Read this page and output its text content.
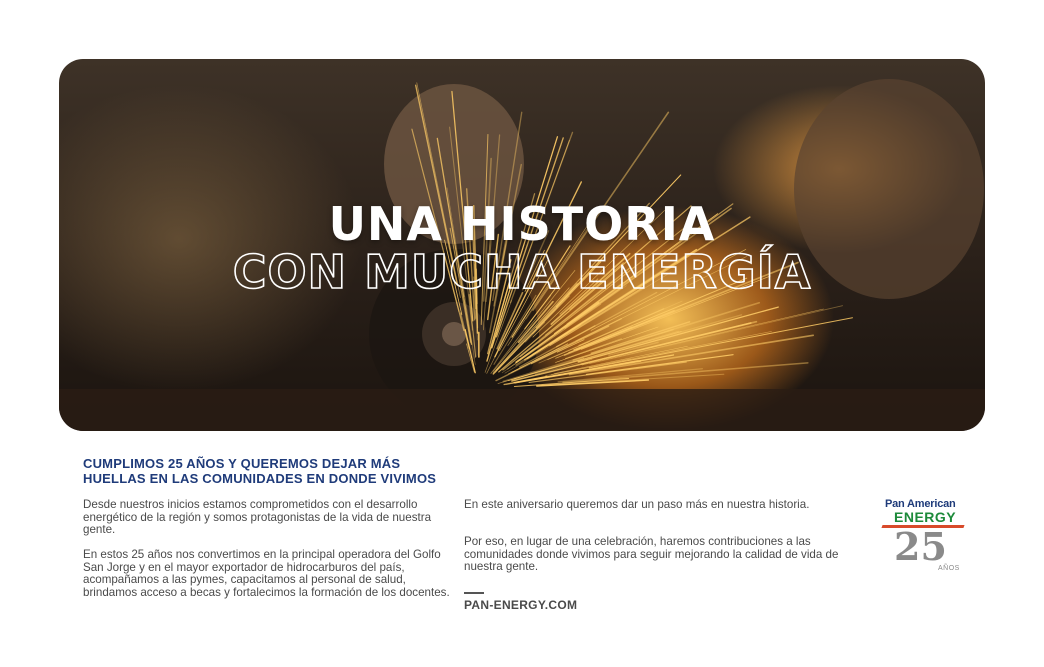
UNA HISTORIA
CON MUCHA ENERGÍA
CUMPLIMOS 25 AÑOS Y QUEREMOS DEJAR MÁS HUELLAS EN LAS COMUNIDADES EN DONDE VIVIMOS

Desde nuestros inicios estamos comprometidos con el desarrollo energético de la región y somos protagonistas de la vida de nuestra gente.

En estos 25 años nos convertimos en la principal operadora del Golfo San Jorge y en el mayor exportador de hidrocarburos del país, acompañamos a las pymes, capacitamos al personal de salud, brindamos acceso a becas y fortalecimos la formación de los docentes.

En este aniversario queremos dar un paso más en nuestra historia.

Por eso, en lugar de una celebración, haremos contribuciones a las comunidades donde vivimos para seguir mejorando la calidad de vida de nuestra gente.

PAN-ENERGY.COM
Pan American
ENERGY
25
AÑOS
